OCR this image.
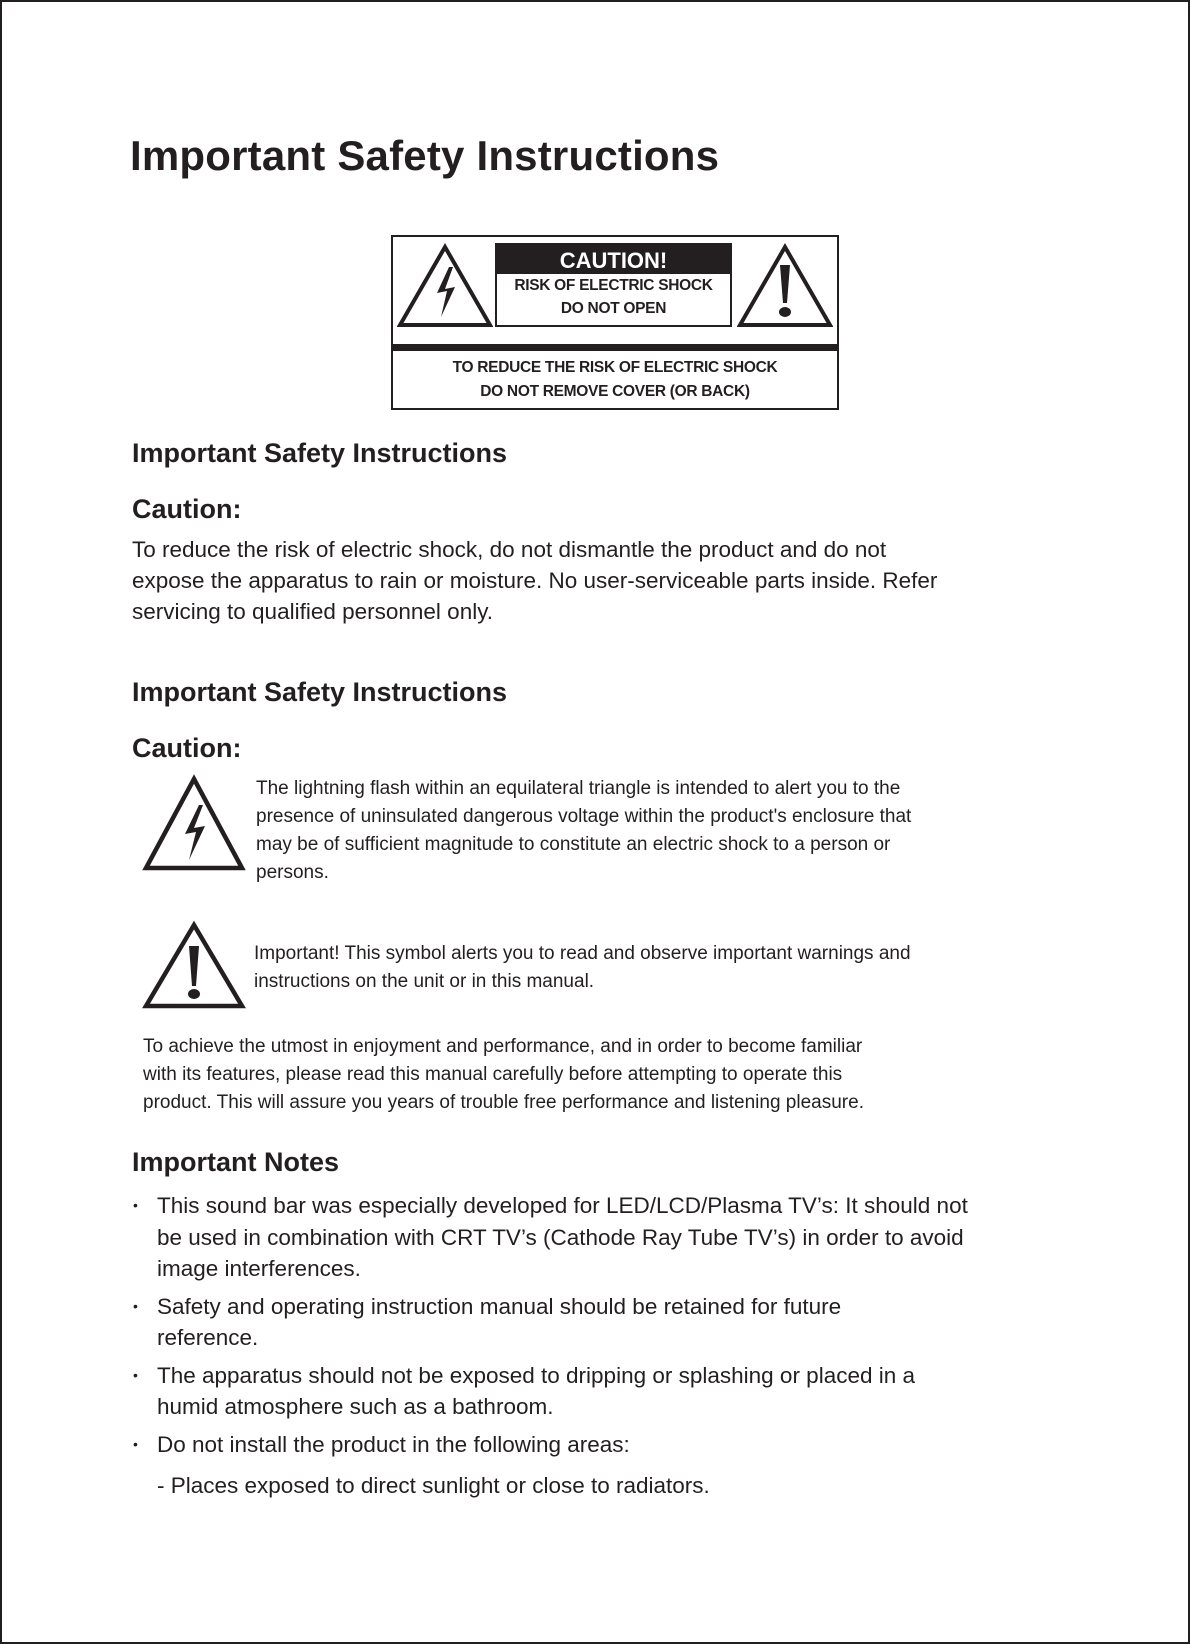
Important Safety Instructions
CAUTION!
RISK OF ELECTRIC SHOCK
DO NOT OPEN
TO REDUCE THE RISK OF ELECTRIC SHOCK
DO NOT REMOVE COVER (OR BACK)
Important Safety Instructions
Caution:
To reduce the risk of electric shock, do not dismantle the product and do not
expose the apparatus to rain or moisture. No user-serviceable parts inside. Refer
servicing to qualified personnel only.
Important Safety Instructions
Caution:
The lightning flash within an equilateral triangle is intended to alert you to the
presence of uninsulated dangerous voltage within the product's enclosure that
may be of sufficient magnitude to constitute an electric shock to a person or
persons.
Important! This symbol alerts you to read and observe important warnings and
instructions on the unit or in this manual.
To achieve the utmost in enjoyment and performance, and in order to become familiar
with its features, please read this manual carefully before attempting to operate this
product. This will assure you years of trouble free performance and listening pleasure.
Important Notes
• This sound bar was especially developed for LED/LCD/Plasma TV’s: It should not
be used in combination with CRT TV’s (Cathode Ray Tube TV’s) in order to avoid
image interferences.
• Safety and operating instruction manual should be retained for future
reference.
• The apparatus should not be exposed to dripping or splashing or placed in a
humid atmosphere such as a bathroom.
• Do not install the product in the following areas:
- Places exposed to direct sunlight or close to radiators.
